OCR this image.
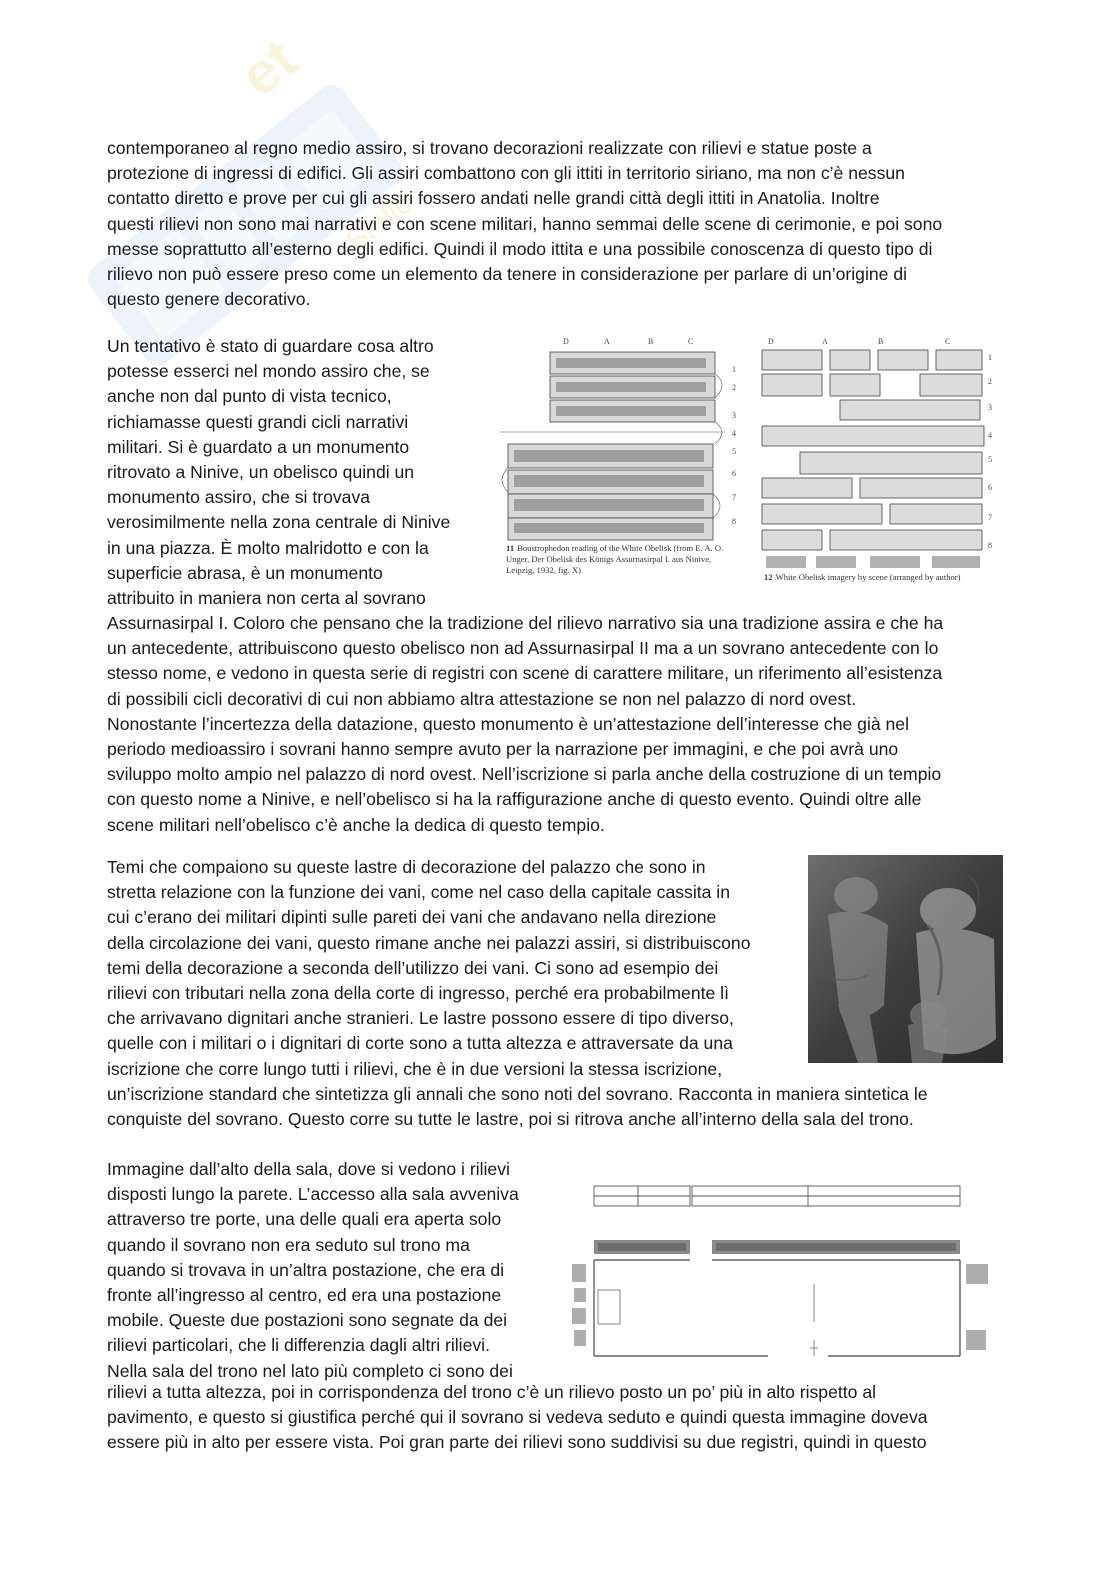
et
Stello

contemporaneo al regno medio assiro, si trovano decorazioni realizzate con rilievi e statue poste a
protezione di ingressi di edifici. Gli assiri combattono con gli ittiti in territorio siriano, ma non c’è nessun
contatto diretto e prove per cui gli assiri fossero andati nelle grandi città degli ittiti in Anatolia. Inoltre
questi rilievi non sono mai narrativi e con scene militari, hanno semmai delle scene di cerimonie, e poi sono
messe soprattutto all’esterno degli edifici. Quindi il modo ittita e una possibile conoscenza di questo tipo di
rilievo non può essere preso come un elemento da tenere in considerazione per parlare di un’origine di
questo genere decorativo.

Un tentativo è stato di guardare cosa altro
potesse esserci nel mondo assiro che, se
anche non dal punto di vista tecnico,
richiamasse questi grandi cicli narrativi
militari. Si è guardato a un monumento
ritrovato a Ninive, un obelisco quindi un
monumento assiro, che si trovava
verosimilmente nella zona centrale di Ninive
in una piazza. È molto malridotto e con la
superficie abrasa, è un monumento
attribuito in maniera non certa al sovrano

D	A	B	C	D	A	B	C
1
2
3
4
5
6
7
8
1
2
3
4
5
6
7
8
11 Boustrophedon reading of the White Obelisk (from E. A. O.
Unger, Der Obelisk des Königs Assurnasirpal I. aus Ninive,
Leipzig, 1932, fig. X)
12 White Obelisk imagery by scene (arranged by author)

Assurnasirpal I. Coloro che pensano che la tradizione del rilievo narrativo sia una tradizione assira e che ha
un antecedente, attribuiscono questo obelisco non ad Assurnasirpal II ma a un sovrano antecedente con lo
stesso nome, e vedono in questa serie di registri con scene di carattere militare, un riferimento all’esistenza
di possibili cicli decorativi di cui non abbiamo altra attestazione se non nel palazzo di nord ovest.
Nonostante l’incertezza della datazione, questo monumento è un’attestazione dell’interesse che già nel
periodo medioassiro i sovrani hanno sempre avuto per la narrazione per immagini, e che poi avrà uno
sviluppo molto ampio nel palazzo di nord ovest. Nell’iscrizione si parla anche della costruzione di un tempio
con questo nome a Ninive, e nell’obelisco si ha la raffigurazione anche di questo evento. Quindi oltre alle
scene militari nell’obelisco c’è anche la dedica di questo tempio.

Temi che compaiono su queste lastre di decorazione del palazzo che sono in
stretta relazione con la funzione dei vani, come nel caso della capitale cassita in
cui c’erano dei militari dipinti sulle pareti dei vani che andavano nella direzione
della circolazione dei vani, questo rimane anche nei palazzi assiri, si distribuiscono
temi della decorazione a seconda dell’utilizzo dei vani. Ci sono ad esempio dei
rilievi con tributari nella zona della corte di ingresso, perché era probabilmente lì
che arrivavano dignitari anche stranieri. Le lastre possono essere di tipo diverso,
quelle con i militari o i dignitari di corte sono a tutta altezza e attraversate da una
iscrizione che corre lungo tutti i rilievi, che è in due versioni la stessa iscrizione,

un’iscrizione standard che sintetizza gli annali che sono noti del sovrano. Racconta in maniera sintetica le
conquiste del sovrano. Questo corre su tutte le lastre, poi si ritrova anche all’interno della sala del trono.

Immagine dall’alto della sala, dove si vedono i rilievi
disposti lungo la parete. L’accesso alla sala avveniva
attraverso tre porte, una delle quali era aperta solo
quando il sovrano non era seduto sul trono ma
quando si trovava in un’altra postazione, che era di
fronte all’ingresso al centro, ed era una postazione
mobile. Queste due postazioni sono segnate da dei
rilievi particolari, che li differenzia dagli altri rilievi.
Nella sala del trono nel lato più completo ci sono dei

rilievi a tutta altezza, poi in corrispondenza del trono c’è un rilievo posto un po’ più in alto rispetto al
pavimento, e questo si giustifica perché qui il sovrano si vedeva seduto e quindi questa immagine doveva
essere più in alto per essere vista. Poi gran parte dei rilievi sono suddivisi su due registri, quindi in questo
